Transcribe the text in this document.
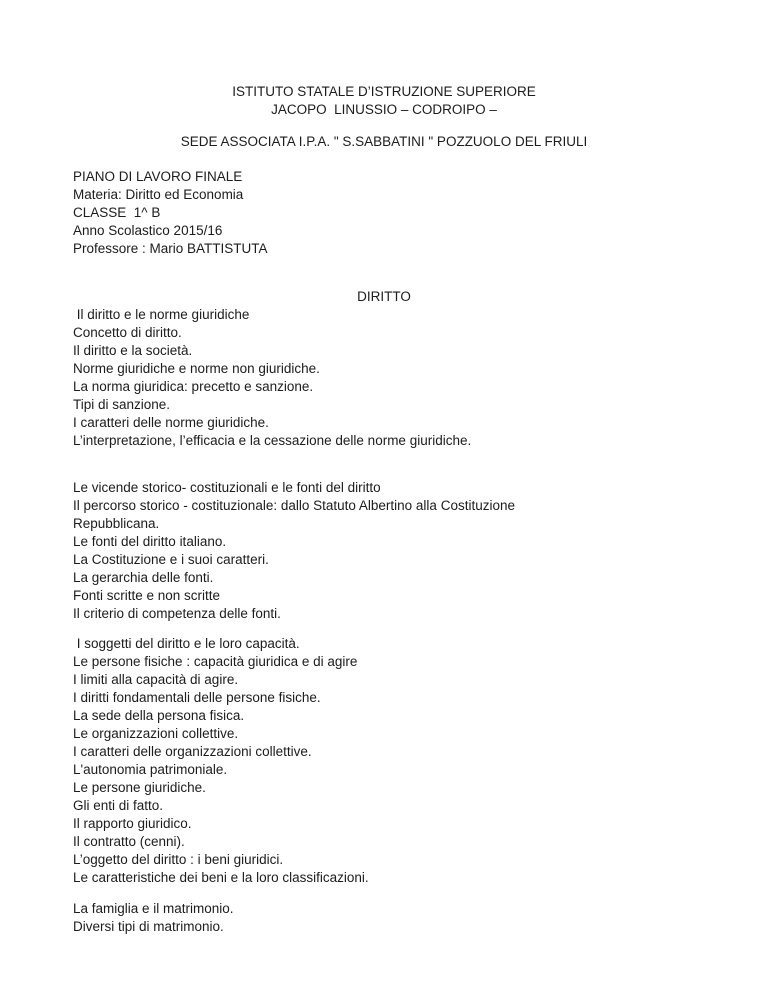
ISTITUTO STATALE D’ISTRUZIONE SUPERIORE
JACOPO  LINUSSIO – CODROIPO –
SEDE ASSOCIATA I.P.A. " S.SABBATINI " POZZUOLO DEL FRIULI
PIANO DI LAVORO FINALE
Materia: Diritto ed Economia
CLASSE  1^ B
Anno Scolastico 2015/16
Professore : Mario BATTISTUTA
DIRITTO
Il diritto e le norme giuridiche
Concetto di diritto.
Il diritto e la società.
Norme giuridiche e norme non giuridiche.
La norma giuridica: precetto e sanzione.
Tipi di sanzione.
I caratteri delle norme giuridiche.
L’interpretazione, l’efficacia e la cessazione delle norme giuridiche.
Le vicende storico- costituzionali e le fonti del diritto
Il percorso storico - costituzionale: dallo Statuto Albertino alla Costituzione
Repubblicana.
Le fonti del diritto italiano.
La Costituzione e i suoi caratteri.
La gerarchia delle fonti.
Fonti scritte e non scritte
Il criterio di competenza delle fonti.
I soggetti del diritto e le loro capacità.
Le persone fisiche : capacità giuridica e di agire
I limiti alla capacità di agire.
I diritti fondamentali delle persone fisiche.
La sede della persona fisica.
Le organizzazioni collettive.
I caratteri delle organizzazioni collettive.
L'autonomia patrimoniale.
Le persone giuridiche.
Gli enti di fatto.
Il rapporto giuridico.
Il contratto (cenni).
L’oggetto del diritto : i beni giuridici.
Le caratteristiche dei beni e la loro classificazioni.
La famiglia e il matrimonio.
Diversi tipi di matrimonio.
